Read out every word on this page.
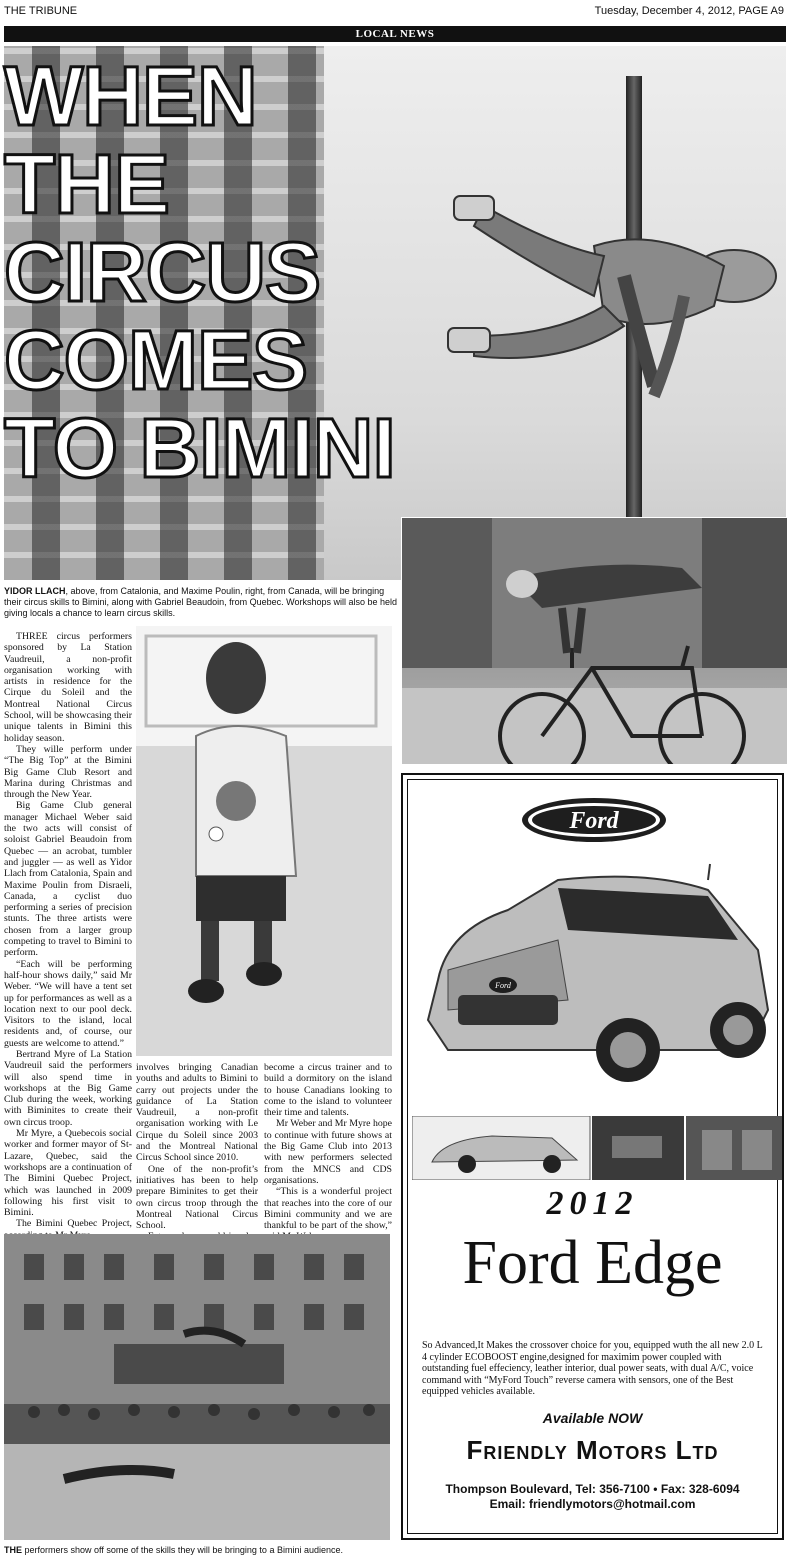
THE TRIBUNE	Tuesday, December 4, 2012, PAGE A9
LOCAL NEWS
WHEN THE CIRCUS COMES TO BIMINI
YIDOR LLACH, above, from Catalonia, and Maxime Poulin, right, from Canada, will be bringing their circus skills to Bimini, along with Gabriel Beaudoin, from Quebec. Workshops will also be held giving locals a chance to learn circus skills.

THREE circus performers sponsored by La Station Vaudreuil, a non-profit organisation working with artists in residence for the Cirque du Soleil and the Montreal National Circus School, will be showcasing their unique talents in Bimini this holiday season.

They wille perform under “The Big Top” at the Bimini Big Game Club Resort and Marina during Christmas and through the New Year.

Big Game Club general manager Michael Weber said the two acts will consist of soloist Gabriel Beaudoin from Quebec — an acrobat, tumbler and juggler — as well as Yidor Llach from Catalonia, Spain and Maxime Poulin from Disraeli, Canada, a cyclist duo performing a series of precision stunts. The three artists were chosen from a larger group competing to travel to Bimini to perform.

“Each will be performing half-hour shows daily,” said Mr Weber. “We will have a tent set up for performances as well as a location next to our pool deck. Visitors to the island, local residents and, of course, our guests are welcome to attend.”

Bertrand Myre of La Station Vaudreuil said the performers will also spend time in workshops at the Big Game Club during the week, working with Biminites to create their own circus troop.

Mr Myre, a Quebecois social worker and former mayor of St-Lazare, Quebec, said the workshops are a continuation of The Bimini Quebec Project, which was launched in 2009 following his first visit to Bimini.

The Bimini Quebec Project,

involves bringing Canadian youths and adults to Bimini to carry out projects under the guidance of La Station Vaudreuil, a non-profit organisation working with Le Cirque du Soleil since 2003 and the Montreal National Circus School since 2010.

One of the non-profit’s initiatives has been to help prepare Biminites to get their own circus troop through the Montreal National Circus School.

become a circus trainer and to build a dormitory on the island to house Canadians looking to come to the island to volunteer their time and talents.

Mr Weber and Mr Myre hope to continue with future shows at the Big Game Club into 2013 with new performers selected from the MNCS and CDS organisations.

“This is a wonderful project that reaches into the core of our Bimini community and we are thankful to be part of the show,”

THE performers show off some of the skills they will be bringing to a Bimini audience.
Ford
Ford
2012
Ford Edge
So Advanced,It Makes the crossover choice for you, equipped wuth the all new 2.0 L 4 cylinder ECOBOOST engine,designed for maximim power coupled with outstanding fuel effeciency, leather interior, dual power seats, with dual A/C, voice command with “MyFord Touch” reverse camera with sensors, one of the Best equipped vehicles available.
Available NOW
Friendly Motors Ltd
Thompson Boulevard, Tel: 356-7100 • Fax: 328-6094
Email: friendlymotors@hotmail.com
